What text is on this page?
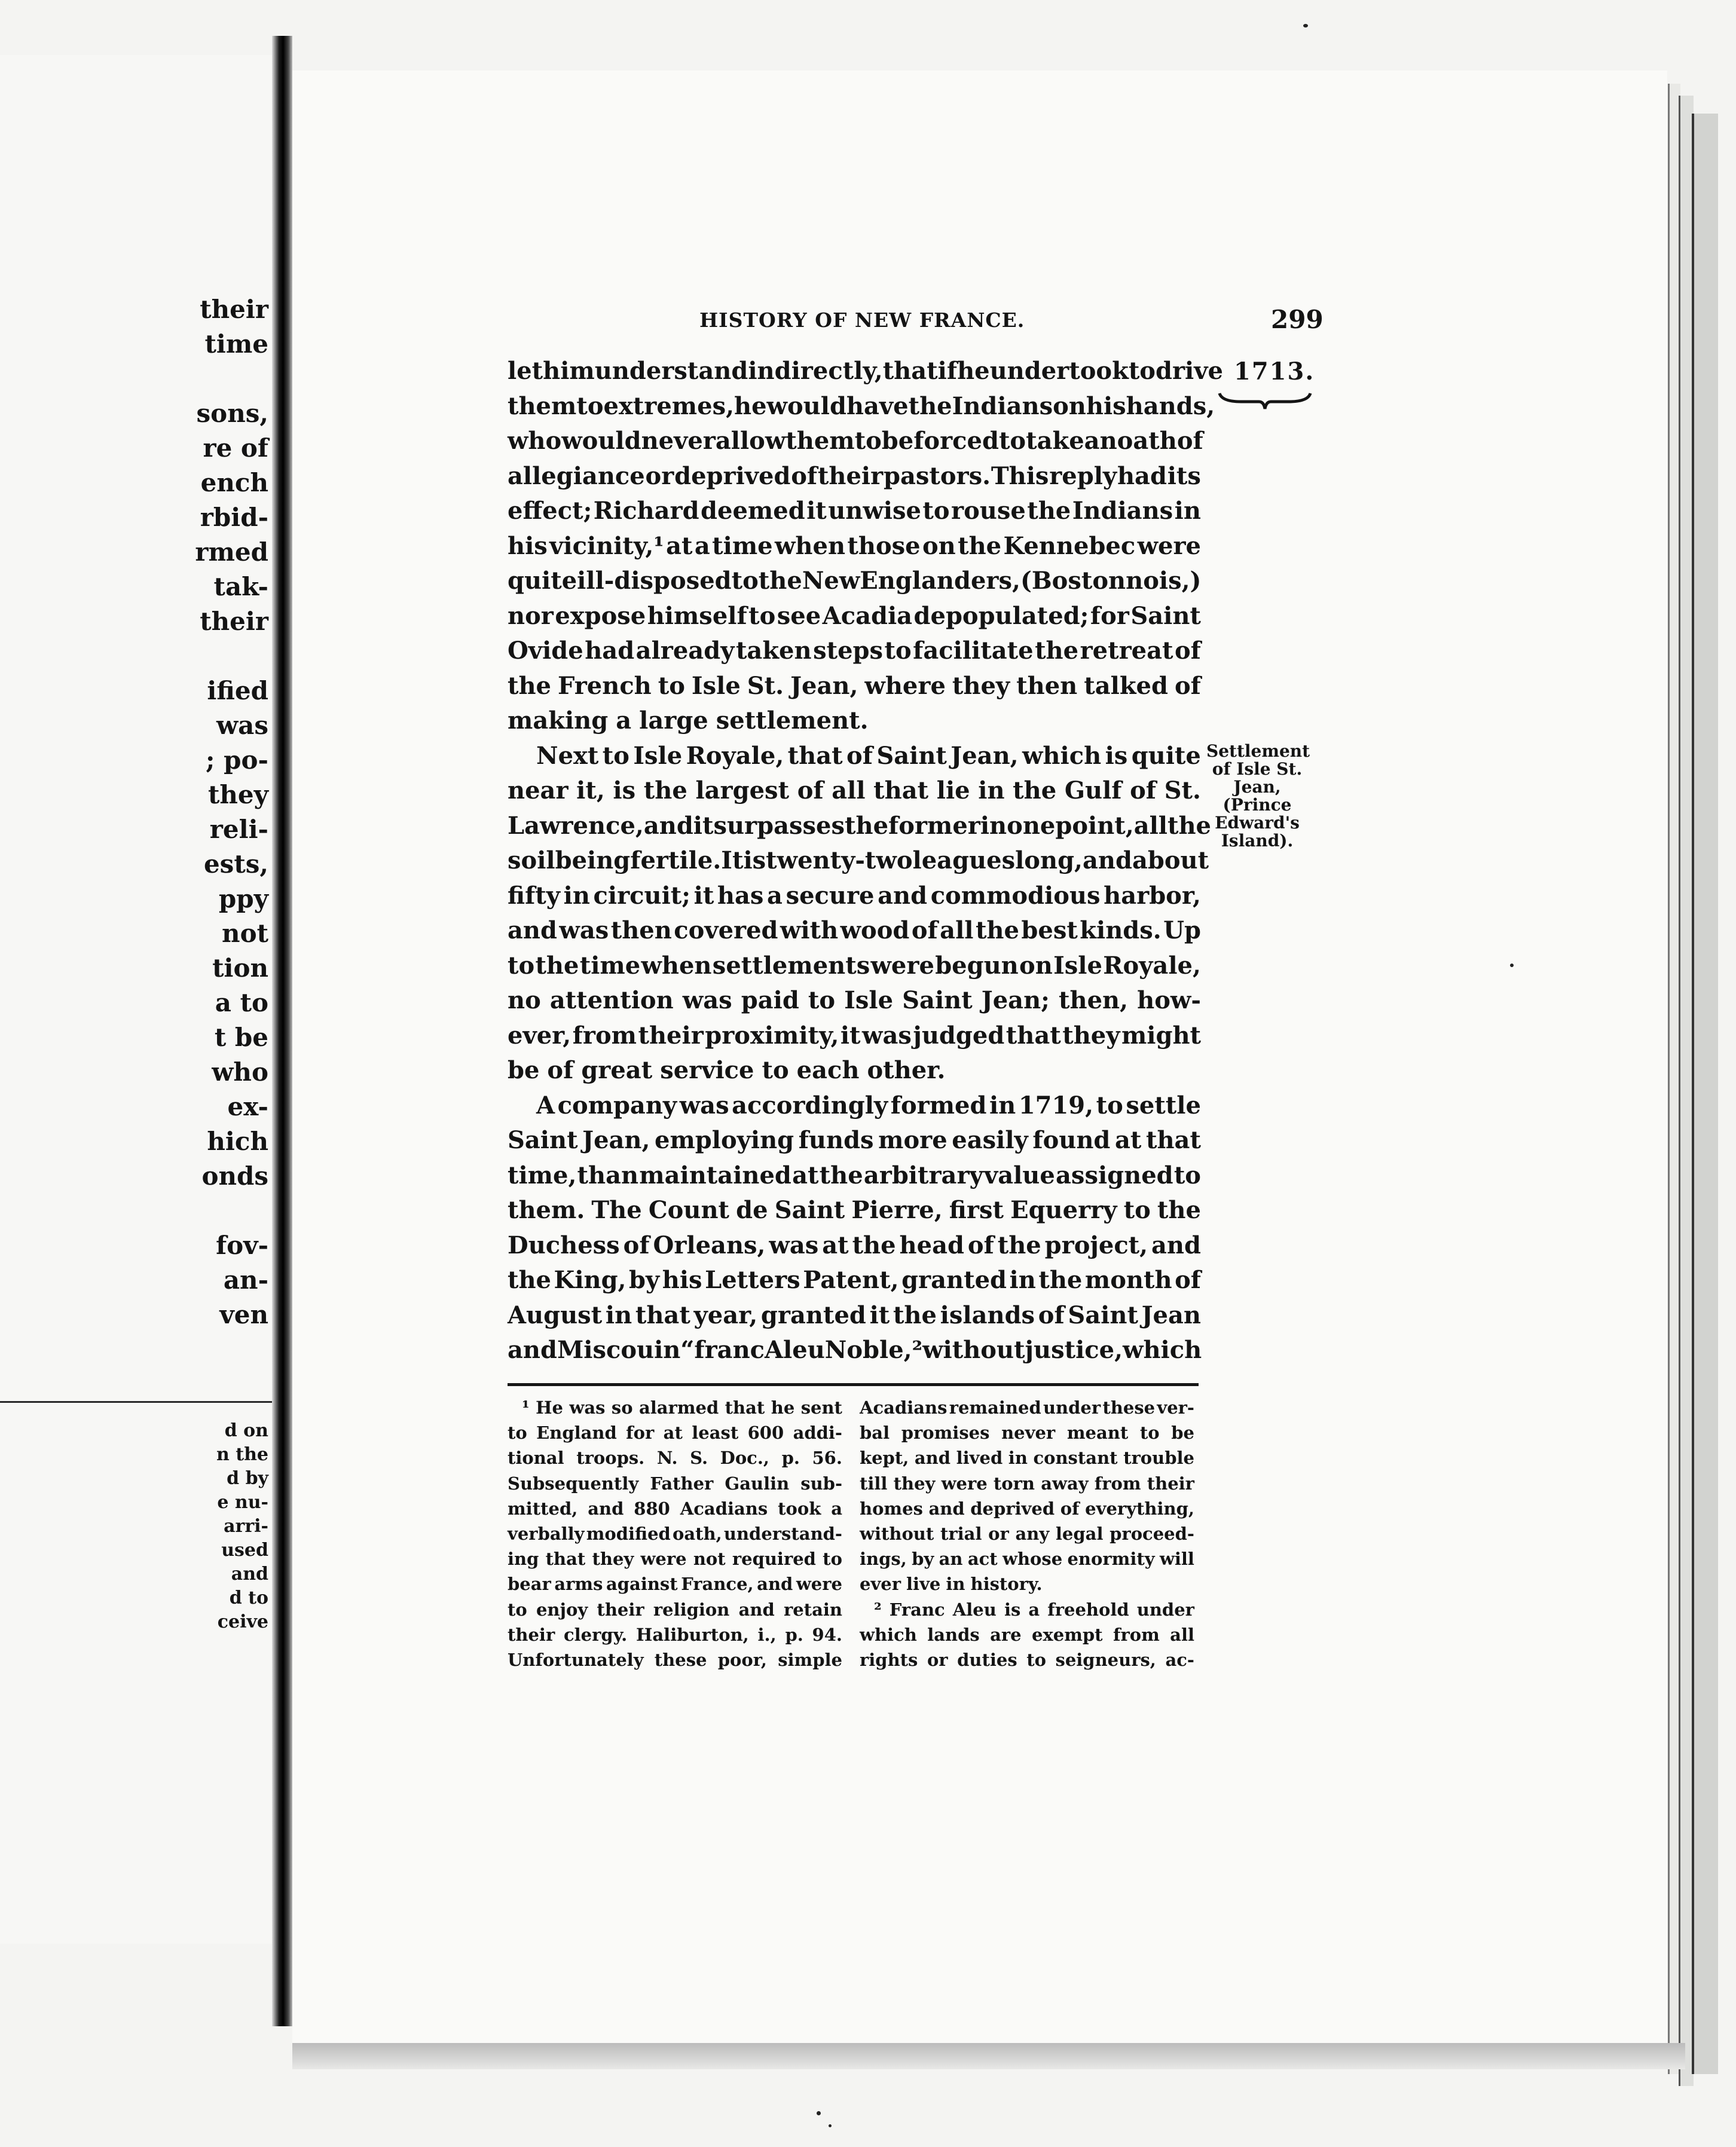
their
time
sons,
re of
ench
rbid-
rmed
tak-
their
ified
was
; po-
they
reli-
ests,
ppy
not
tion
a to
t be
who
ex-
hich
onds
fov-
an-
ven
d on
n the
d by
e nu-
arri-
used
and
d to
ceive
HISTORY OF NEW FRANCE.	299
1713.
Settlement
of Isle St.
Jean,
(Prince
Edward's
Island).
let him understand indirectly, that if he undertook to drive
them to extremes, he would have the Indians on his hands,
who would never allow them to be forced to take an oath of
allegiance or deprived of their pastors. This reply had its
effect; Richard deemed it unwise to rouse the Indians in
his vicinity,¹ at a time when those on the Kennebec were
quite ill-disposed to the New Englanders, (Bostonnois,)
nor expose himself to see Acadia depopulated; for Saint
Ovide had already taken steps to facilitate the retreat of
the French to Isle St. Jean, where they then talked of
making a large settlement.
Next to Isle Royale, that of Saint Jean, which is quite
near it, is the largest of all that lie in the Gulf of St.
Lawrence, and it surpasses the former in one point, all the
soil being fertile. It is twenty-two leagues long, and about
fifty in circuit; it has a secure and commodious harbor,
and was then covered with wood of all the best kinds. Up
to the time when settlements were begun on Isle Royale,
no attention was paid to Isle Saint Jean; then, how-
ever, from their proximity, it was judged that they might
be of great service to each other.
A company was accordingly formed in 1719, to settle
Saint Jean, employing funds more easily found at that
time, than maintained at the arbitrary value assigned to
them. The Count de Saint Pierre, first Equerry to the
Duchess of Orleans, was at the head of the project, and
the King, by his Letters Patent, granted in the month of
August in that year, granted it the islands of Saint Jean
and Miscou in “franc Aleu Noble,² without justice, which
¹ He was so alarmed that he sent
to England for at least 600 addi-
tional troops. N. S. Doc., p. 56.
Subsequently Father Gaulin sub-
mitted, and 880 Acadians took a
verbally modified oath, understand-
ing that they were not required to
bear arms against France, and were
to enjoy their religion and retain
their clergy. Haliburton, i., p. 94.
Unfortunately these poor, simple
Acadians remained under these ver-
bal promises never meant to be
kept, and lived in constant trouble
till they were torn away from their
homes and deprived of everything,
without trial or any legal proceed-
ings, by an act whose enormity will
ever live in history.
² Franc Aleu is a freehold under
which lands are exempt from all
rights or duties to seigneurs, ac-
